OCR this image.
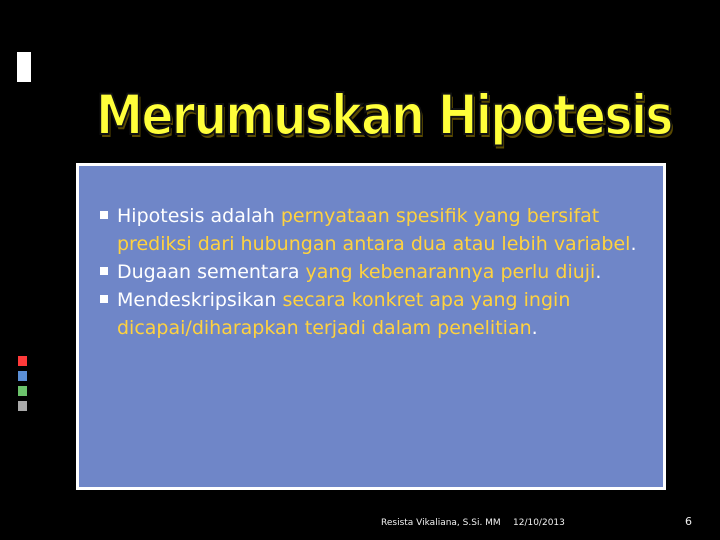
Merumuskan Hipotesis
Hipotesis adalah pernyataan spesifik yang bersifat prediksi dari hubungan antara dua atau lebih variabel.
Dugaan sementara yang kebenarannya perlu diuji.
Mendeskripsikan secara konkret apa yang ingin dicapai/diharapkan terjadi dalam penelitian.
Resista Vikaliana, S.Si. MM 12/10/2013	6
